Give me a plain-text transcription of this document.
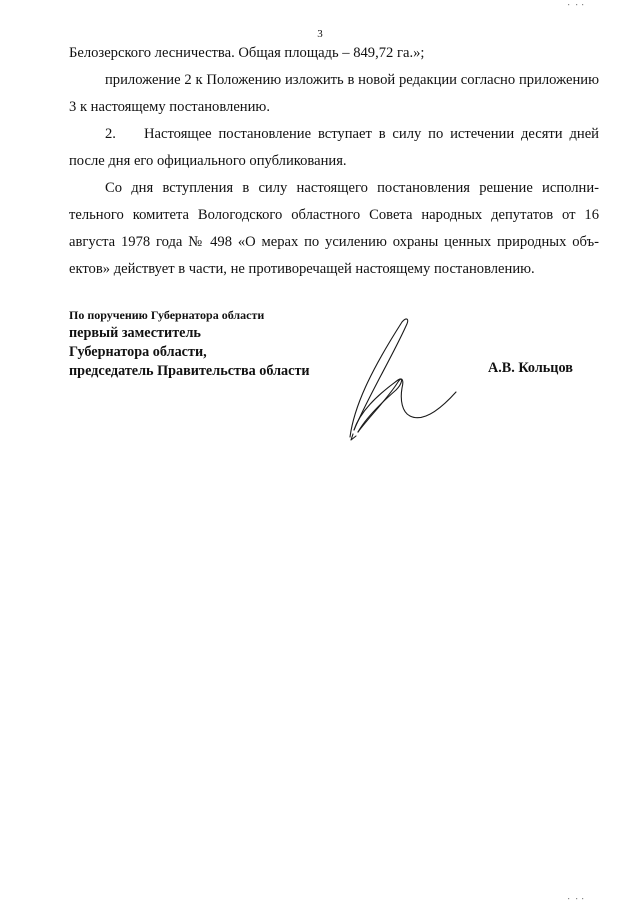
3

Белозерского лесничества. Общая площадь – 849,72 га.»;

приложение 2 к Положению изложить в новой редакции согласно приложению 3 к настоящему постановлению.

2. Настоящее постановление вступает в силу по истечении десяти дней после дня его официального опубликования.

Со дня вступления в силу настоящего постановления решение исполни-тельного комитета Вологодского областного Совета народных депутатов от 16 августа 1978 года № 498 «О мерах по усилению охраны ценных природных объ-ектов» действует в части, не противоречащей настоящему постановлению.

По поручению Губернатора области
первый заместитель
Губернатора области,
председатель Правительства области	А.В. Кольцов
